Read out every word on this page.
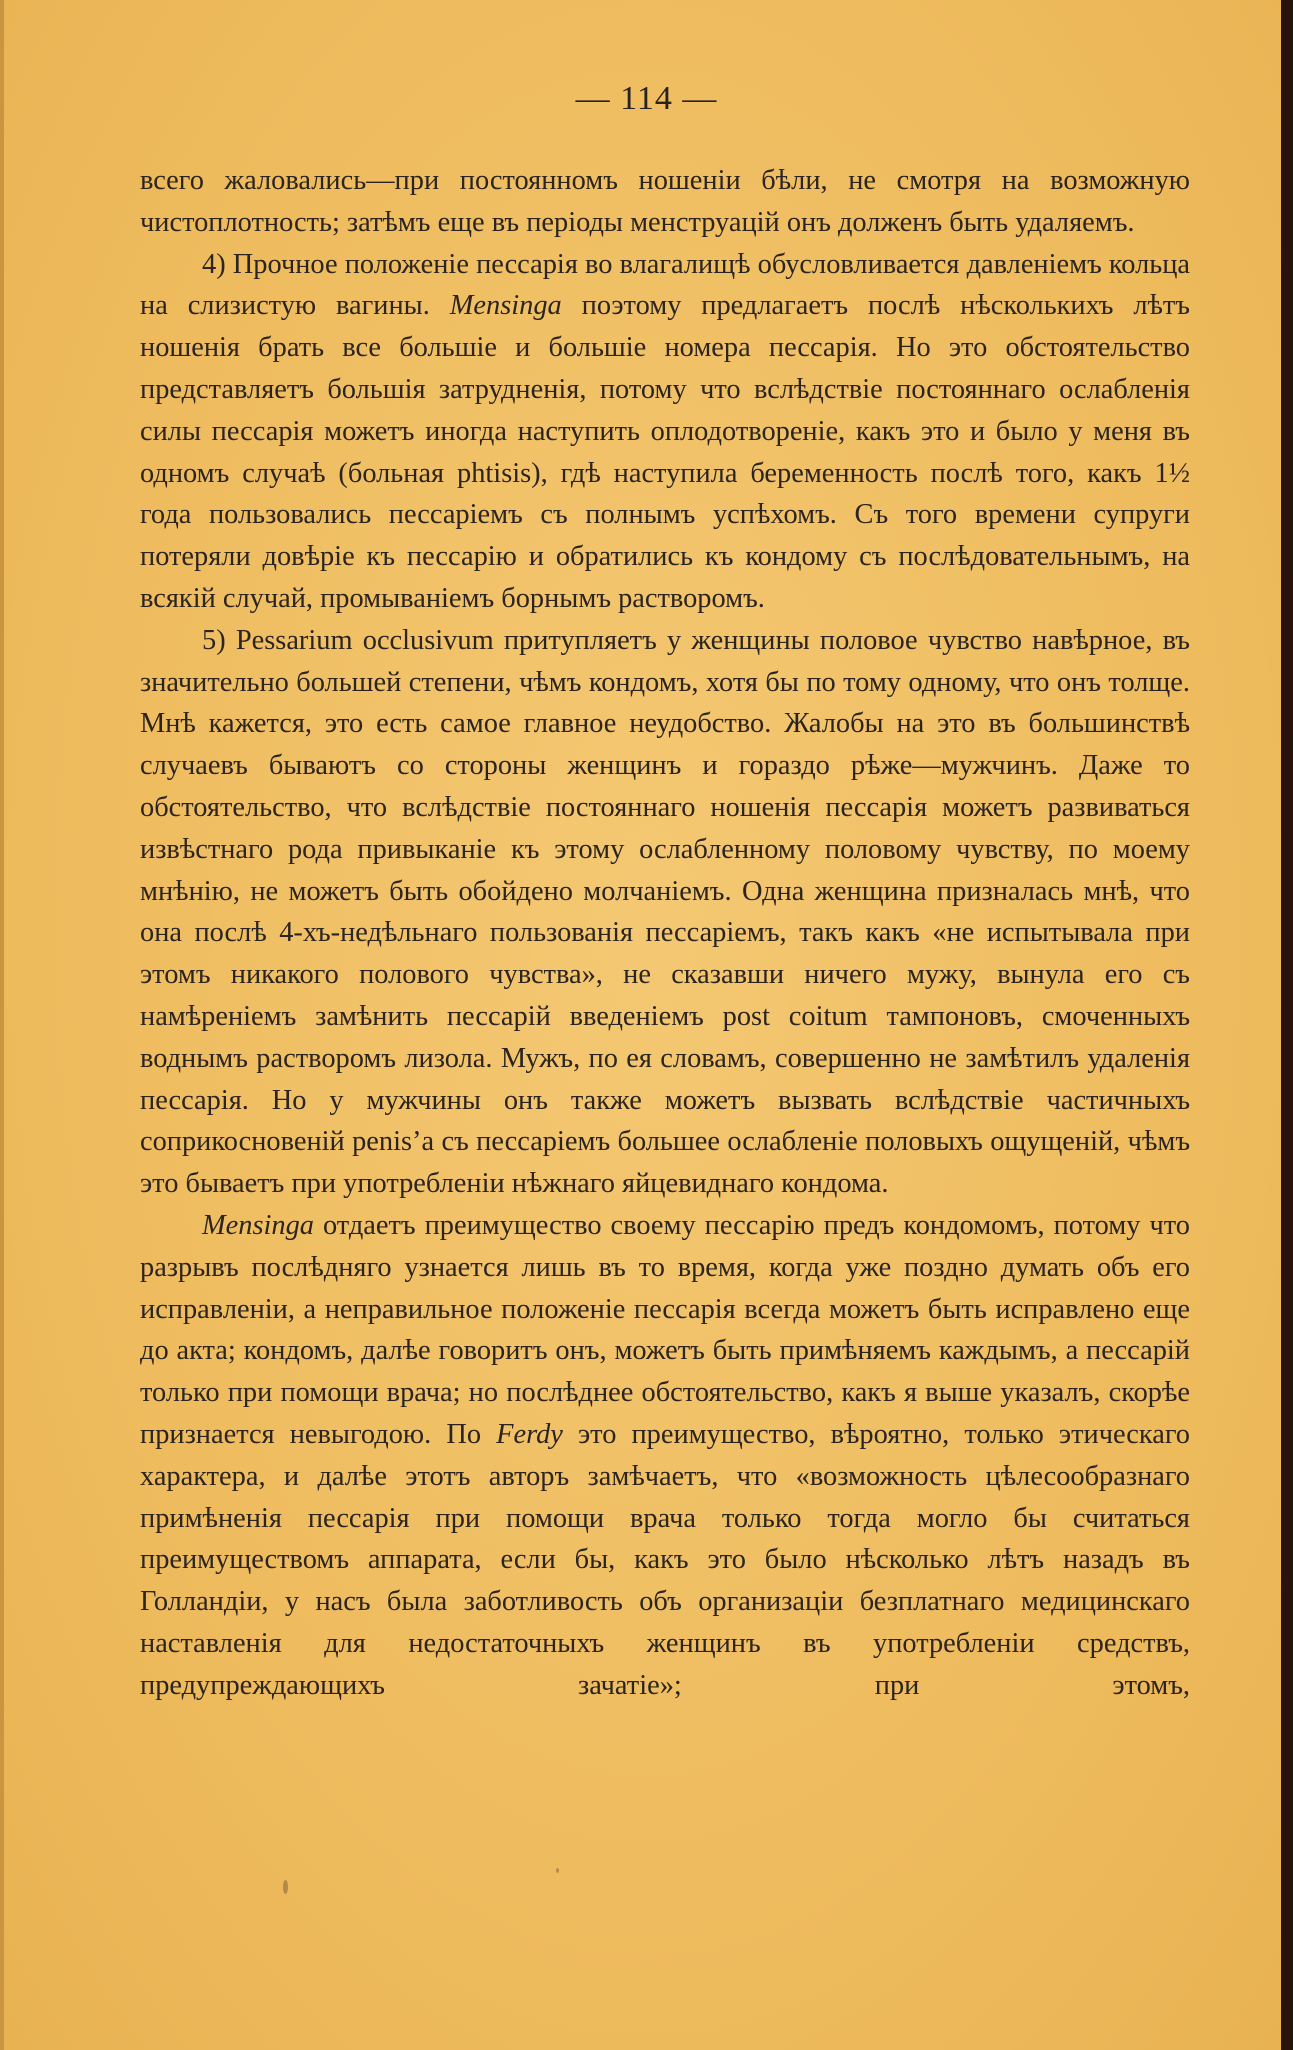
— 114 —

всего жаловались—при постоянномъ ношеніи бѣли, не смотря на возможную чистоплотность; затѣмъ еще въ періоды менструацій онъ долженъ быть удаляемъ.

4) Прочное положеніе пессарія во влагалищѣ обусловливается давленіемъ кольца на слизистую вагины. Mensinga поэтому предлагаетъ послѣ нѣсколькихъ лѣтъ ношенія брать все большіе и большіе номера пессарія. Но это обстоятельство представляетъ большія затрудненія, потому что вслѣдствіе постояннаго ослабленія силы пессарія можетъ иногда наступить оплодотвореніе, какъ это и было у меня въ одномъ случаѣ (больная phtisis), гдѣ наступила беременность послѣ того, какъ 1½ года пользовались пессаріемъ съ полнымъ успѣхомъ. Съ того времени супруги потеряли довѣріе къ пессарію и обратились къ кондому съ послѣдовательнымъ, на всякій случай, промываніемъ борнымъ растворомъ.

5) Pessarium occlusivum притупляетъ у женщины половое чувство навѣрное, въ значительно большей степени, чѣмъ кондомъ, хотя бы по тому одному, что онъ толще. Мнѣ кажется, это есть самое главное неудобство. Жалобы на это въ большинствѣ случаевъ бываютъ со стороны женщинъ и гораздо рѣже—мужчинъ. Даже то обстоятельство, что вслѣдствіе постояннаго ношенія пессарія можетъ развиваться извѣстнаго рода привыканіе къ этому ослабленному половому чувству, по моему мнѣнію, не можетъ быть обойдено молчаніемъ. Одна женщина призналась мнѣ, что она послѣ 4-хъ-недѣльнаго пользованія пессаріемъ, такъ какъ «не испытывала при этомъ никакого полового чувства», не сказавши ничего мужу, вынула его съ намѣреніемъ замѣнить пессарій введеніемъ post coitum тампоновъ, смоченныхъ воднымъ растворомъ лизола. Мужъ, по ея словамъ, совершенно не замѣтилъ удаленія пессарія. Но у мужчины онъ также можетъ вызвать вслѣдствіе частичныхъ соприкосновеній penis’а съ пессаріемъ большее ослабленіе половыхъ ощущеній, чѣмъ это бываетъ при употребленіи нѣжнаго яйцевиднаго кондома.

Mensinga отдаетъ преимущество своему пессарію предъ кондомомъ, потому что разрывъ послѣдняго узнается лишь въ то время, когда уже поздно думать объ его исправленіи, а неправильное положеніе пессарія всегда можетъ быть исправлено еще до акта; кондомъ, далѣе говоритъ онъ, можетъ быть примѣняемъ каждымъ, а пессарій только при помощи врача; но послѣднее обстоятельство, какъ я выше указалъ, скорѣе признается невыгодою. По Ferdy это преимущество, вѣроятно, только этическаго характера, и далѣе этотъ авторъ замѣчаетъ, что «возможность цѣлесообразнаго примѣненія пессарія при помощи врача только тогда могло бы считаться преимуществомъ аппарата, если бы, какъ это было нѣсколько лѣтъ назадъ въ Голландіи, у насъ была заботливость объ организаціи безплатнаго медицинскаго наставленія для недостаточныхъ женщинъ въ употребленіи средствъ, предупреждающихъ зачатіе»; при этомъ,
